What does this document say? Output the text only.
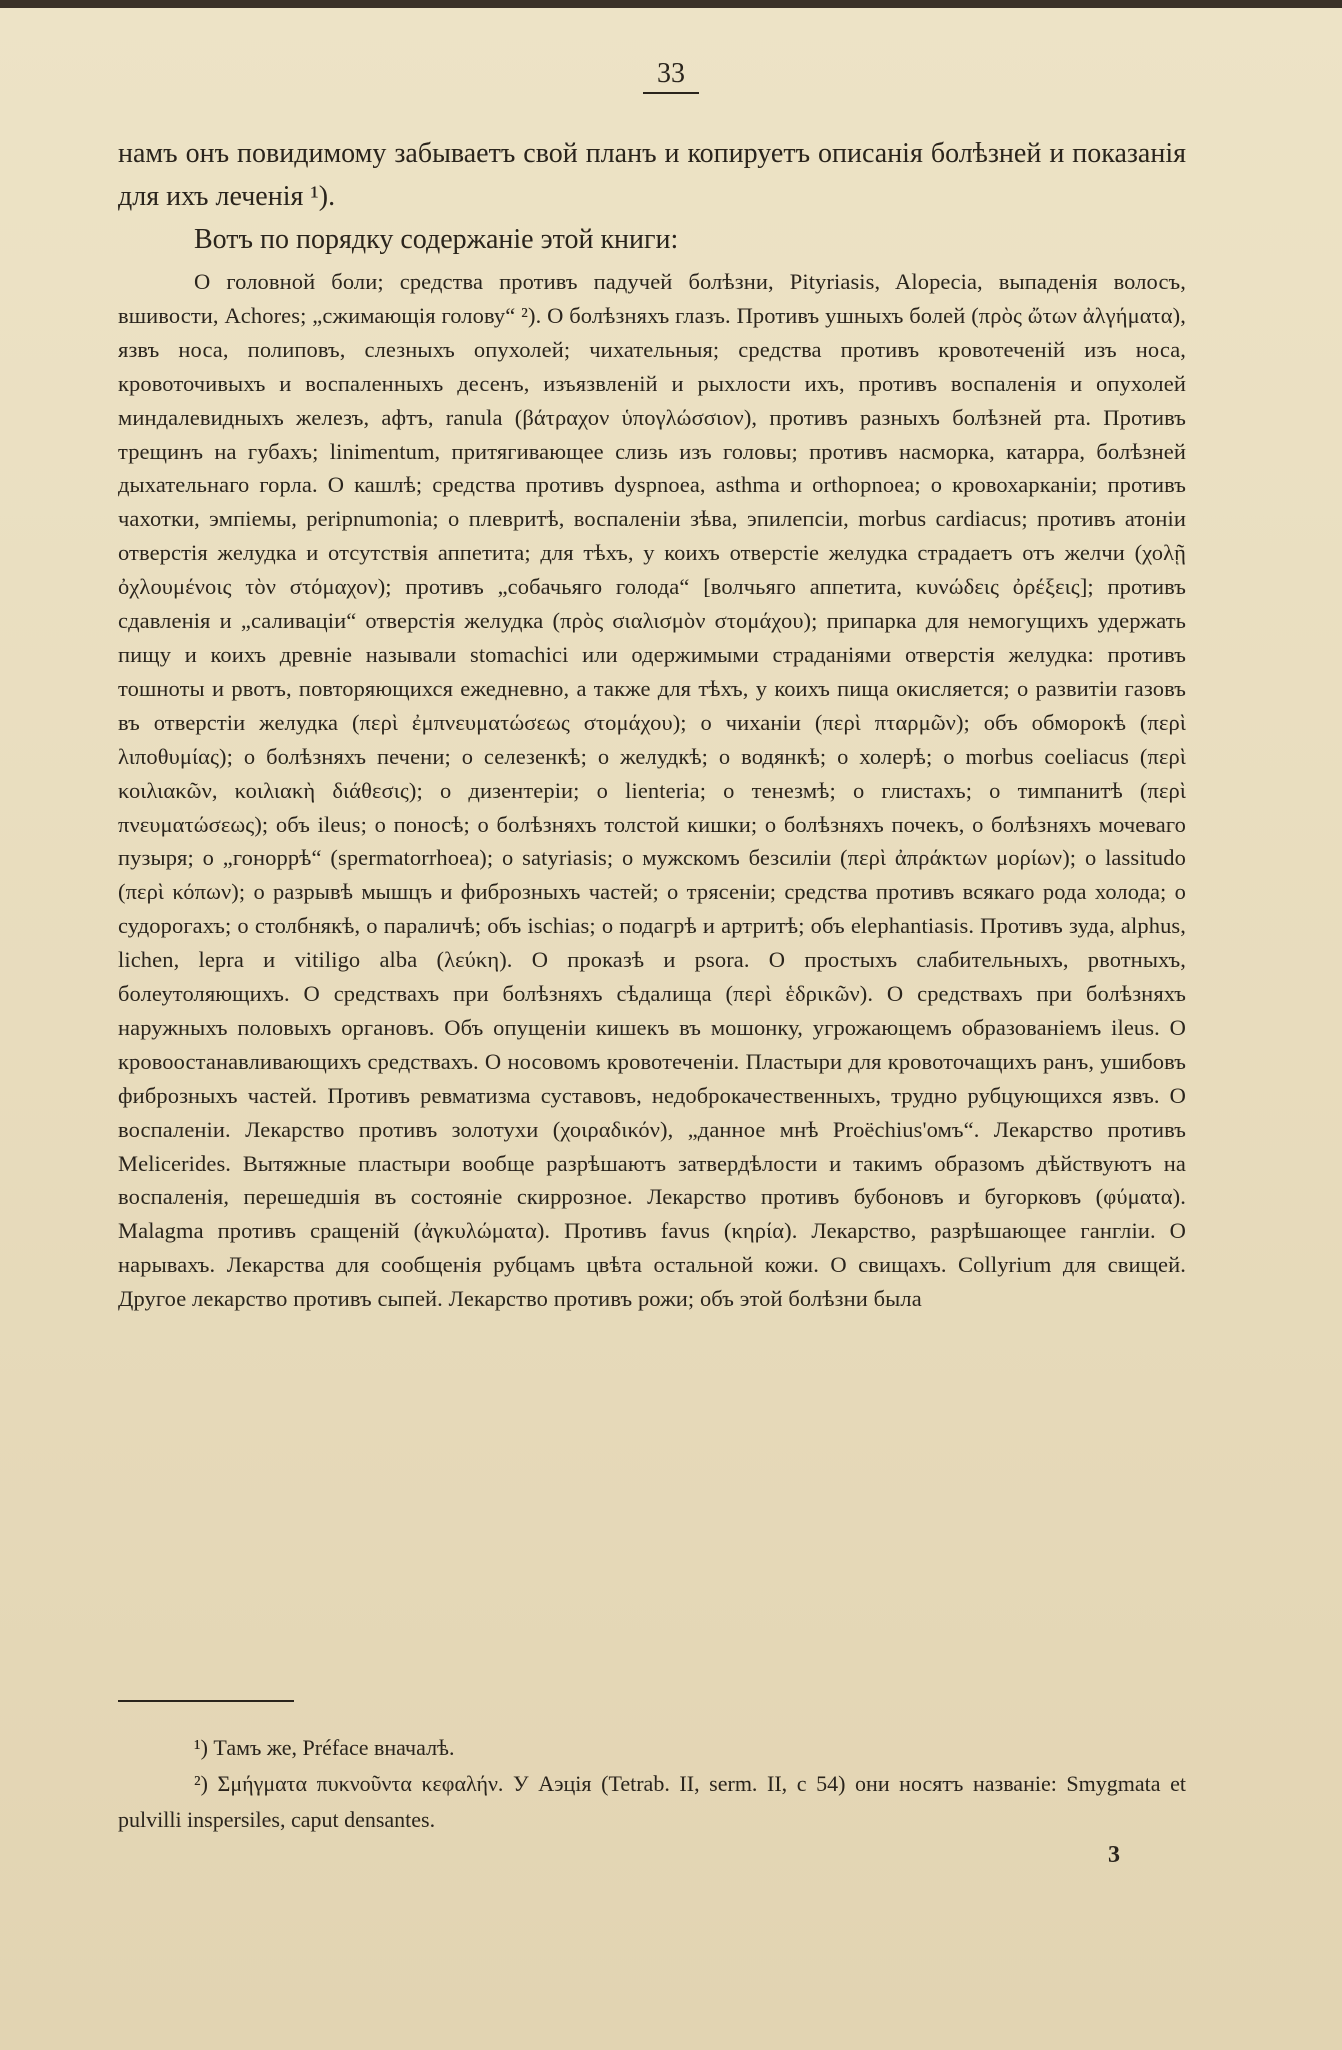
33

намъ онъ повидимому забываетъ свой планъ и копируетъ описанія болѣзней и показанія для ихъ леченія ¹).

Вотъ по порядку содержаніе этой книги:

О головной боли; средства противъ падучей болѣзни, Pityriasis, Alopecia, выпаденія волосъ, вшивости, Achores; „сжимающія голову“ ²). О болѣзняхъ глазъ. Противъ ушныхъ болей (πρὸς ὤτων ἀλγήματα), язвъ носа, полиповъ, слезныхъ опухолей; чихательныя; средства противъ кровотеченій изъ носа, кровоточивыхъ и воспаленныхъ десенъ, изъязвленій и рыхлости ихъ, противъ воспаленія и опухолей миндалевидныхъ железъ, афтъ, ranula (βάτραχον ὑπογλώσσιον), противъ разныхъ болѣзней рта. Противъ трещинъ на губахъ; linimentum, притягивающее слизь изъ головы; противъ насморка, катарра, болѣзней дыхательнаго горла. О кашлѣ; средства противъ dyspnoea, asthma и orthopnoea; о кровохарканіи; противъ чахотки, эмпіемы, peripnumonia; о плевритѣ, воспаленіи зѣва, эпилепсіи, morbus cardiacus; противъ атоніи отверстія желудка и отсутствія аппетита; для тѣхъ, у коихъ отверстіе желудка страдаетъ отъ желчи (χολῇ ὀχλουμένοις τὸν στόμαχον); противъ „собачьяго голода“ [волчьяго аппетита, κυνώδεις ὀρέξεις]; противъ сдавленія и „саливаціи“ отверстія желудка (πρὸς σιαλισμὸν στομάχου); припарка для немогущихъ удержать пищу и коихъ древніе называли stomachici или одержимыми страданіями отверстія желудка: противъ тошноты и рвотъ, повторяющихся ежедневно, а также для тѣхъ, у коихъ пища окисляется; о развитіи газовъ въ отверстіи желудка (περὶ ἐμπνευματώσεως στομάχου); о чиханіи (περὶ πταρμῶν); объ обморокѣ (περὶ λιποθυμίας); о болѣзняхъ печени; о селезенкѣ; о желудкѣ; о водянкѣ; о холерѣ; о morbus coeliacus (περὶ κοιλιακῶν, κοιλιακὴ διάθεσις); о дизентеріи; о lienteria; о тенезмѣ; о глистахъ; о тимпанитѣ (περὶ πνευματώσεως); объ ileus; о поносѣ; о болѣзняхъ толстой кишки; о болѣзняхъ почекъ, о болѣзняхъ мочеваго пузыря; о „гоноррѣ“ (spermatorrhoea); о satyriasis; о мужскомъ безсиліи (περὶ ἀπράκτων μορίων); о lassitudo (περὶ κόπων); о разрывѣ мышцъ и фиброзныхъ частей; о трясеніи; средства противъ всякаго рода холода; о судорогахъ; о столбнякѣ, о параличѣ; объ ischias; о подагрѣ и артритѣ; объ elephantiasis. Противъ зуда, alphus, lichen, lepra и vitiligo alba (λεύκη). О проказѣ и psora. О простыхъ слабительныхъ, рвотныхъ, болеутоляющихъ. О средствахъ при болѣзняхъ сѣдалища (περὶ ἑδρικῶν). О средствахъ при болѣзняхъ наружныхъ половыхъ органовъ. Объ опущеніи кишекъ въ мошонку, угрожающемъ образованіемъ ileus. О кровоостанавливающихъ средствахъ. О носовомъ кровотеченіи. Пластыри для кровоточащихъ ранъ, ушибовъ фиброзныхъ частей. Противъ ревматизма суставовъ, недоброкачественныхъ, трудно рубцующихся язвъ. О воспаленіи. Лекарство противъ золотухи (χοιραδικόν), „данное мнѣ Proëchius'омъ“. Лекарство противъ Melicerides. Вытяжные пластыри вообще разрѣшаютъ затвердѣлости и такимъ образомъ дѣйствуютъ на воспаленія, перешедшія въ состояніе скиррозное. Лекарство противъ бубоновъ и бугорковъ (φύματα). Malagma противъ сращеній (ἀγκυλώματα). Противъ favus (κηρία). Лекарство, разрѣшающее гангліи. О нарывахъ. Лекарства для сообщенія рубцамъ цвѣта остальной кожи. О свищахъ. Collyrium для свищей. Другое лекарство противъ сыпей. Лекарство противъ рожи; объ этой болѣзни была

¹) Тамъ же, Préface вначалѣ.

²) Σμήγματα πυκνοῦντα κεφαλήν. У Аэція (Tetrab. II, serm. II, c 54) они носятъ названіе: Smygmata et pulvilli inspersiles, caput densantes.

3
